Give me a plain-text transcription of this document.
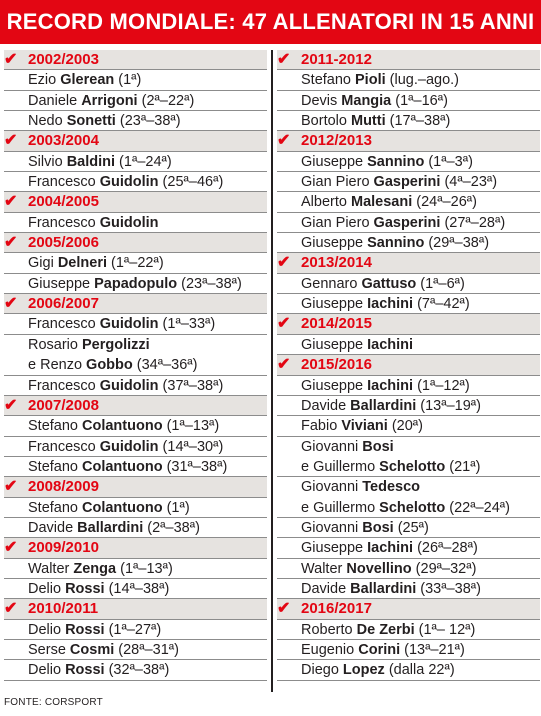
RECORD MONDIALE: 47 ALLENATORI IN 15 ANNI
✔ 2002/2003
Ezio Glerean (1ª)
Daniele Arrigoni (2ª–22ª)
Nedo Sonetti (23ª–38ª)
✔ 2003/2004
Silvio Baldini (1ª–24ª)
Francesco Guidolin (25ª–46ª)
✔ 2004/2005
Francesco Guidolin
✔ 2005/2006
Gigi Delneri (1ª–22ª)
Giuseppe Papadopulo (23ª–38ª)
✔ 2006/2007
Francesco Guidolin (1ª–33ª)
Rosario Pergolizzi
e Renzo Gobbo (34ª–36ª)
Francesco Guidolin (37ª–38ª)
✔ 2007/2008
Stefano Colantuono (1ª–13ª)
Francesco Guidolin (14ª–30ª)
Stefano Colantuono (31ª–38ª)
✔ 2008/2009
Stefano Colantuono (1ª)
Davide Ballardini (2ª–38ª)
✔ 2009/2010
Walter Zenga (1ª–13ª)
Delio Rossi (14ª–38ª)
✔ 2010/2011
Delio Rossi (1ª–27ª)
Serse Cosmi (28ª–31ª)
Delio Rossi (32ª–38ª)
✔ 2011-2012
Stefano Pioli (lug.–ago.)
Devis Mangia (1ª–16ª)
Bortolo Mutti (17ª–38ª)
✔ 2012/2013
Giuseppe Sannino (1ª–3ª)
Gian Piero Gasperini (4ª–23ª)
Alberto Malesani (24ª–26ª)
Gian Piero Gasperini (27ª–28ª)
Giuseppe Sannino (29ª–38ª)
✔ 2013/2014
Gennaro Gattuso (1ª–6ª)
Giuseppe Iachini (7ª–42ª)
✔ 2014/2015
Giuseppe Iachini
✔ 2015/2016
Giuseppe Iachini (1ª–12ª)
Davide Ballardini (13ª–19ª)
Fabio Viviani (20ª)
Giovanni Bosi
e Guillermo Schelotto (21ª)
Giovanni Tedesco
e Guillermo Schelotto (22ª–24ª)
Giovanni Bosi (25ª)
Giuseppe Iachini (26ª–28ª)
Walter Novellino (29ª–32ª)
Davide Ballardini (33ª–38ª)
✔ 2016/2017
Roberto De Zerbi (1ª– 12ª)
Eugenio Corini (13ª–21ª)
Diego Lopez (dalla 22ª)
FONTE: CORSPORT
